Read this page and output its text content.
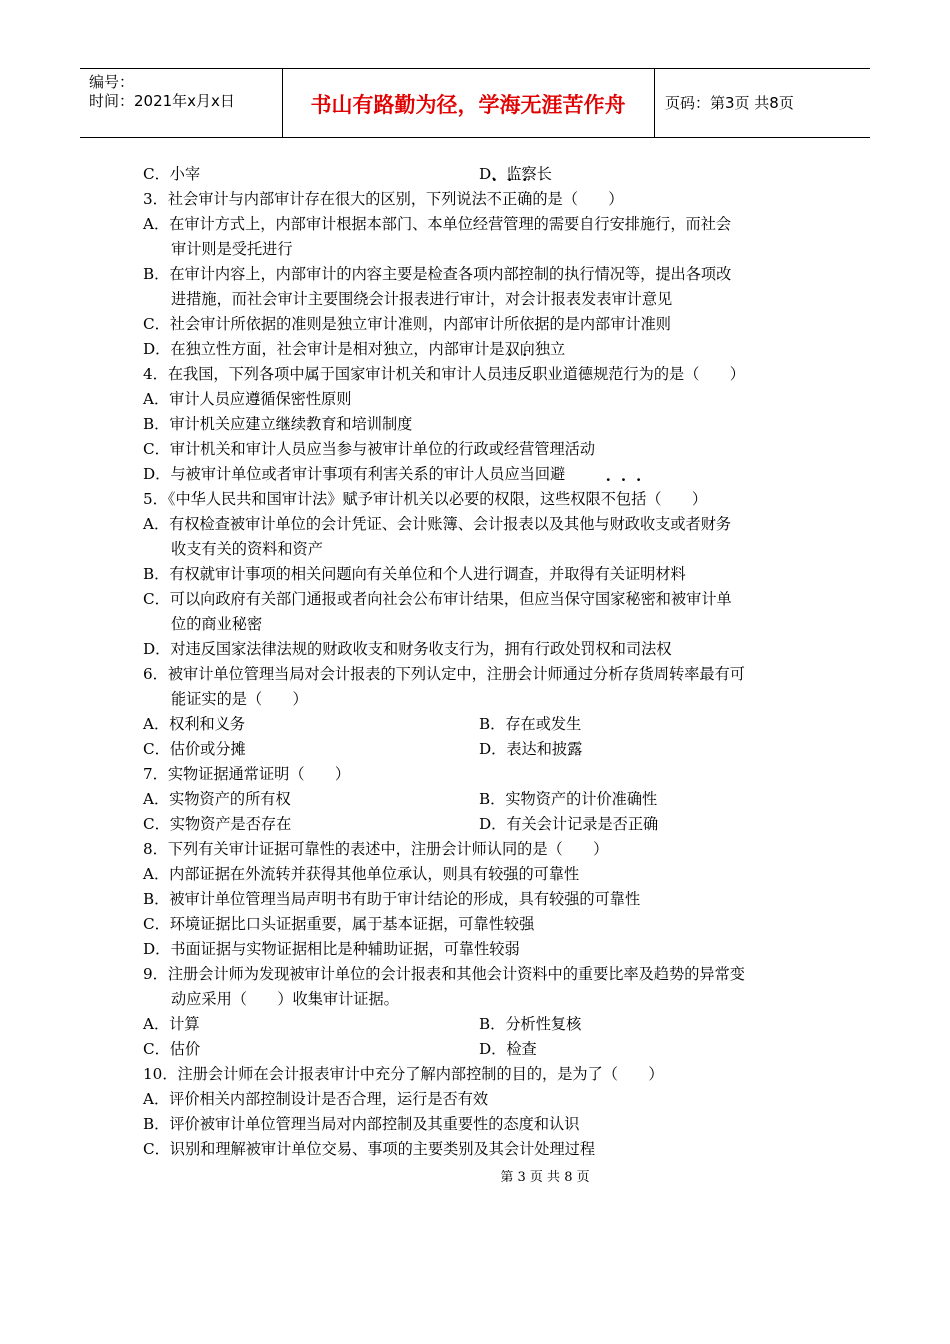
编号：
时间：2021年x月x日	书山有路勤为径，学海无涯苦作舟	页码：第3页 共8页
C．小宰	D．监察长
3．社会审计与内部审计存在很大的区别，下列说法不正确的是（　　）
A．在审计方式上，内部审计根据本部门、本单位经营管理的需要自行安排施行，而社会
审计则是受托进行
B．在审计内容上，内部审计的内容主要是检查各项内部控制的执行情况等，提出各项改
进措施，而社会审计主要围绕会计报表进行审计，对会计报表发表审计意见
C．社会审计所依据的准则是独立审计准则，内部审计所依据的是内部审计准则
D．在独立性方面，社会审计是相对独立，内部审计是双向独立
4．在我国，下列各项中属于国家审计机关和审计人员违反职业道德规范行为的是（　　）
A．审计人员应遵循保密性原则
B．审计机关应建立继续教育和培训制度
C．审计机关和审计人员应当参与被审计单位的行政或经营管理活动
D．与被审计单位或者审计事项有利害关系的审计人员应当回避
5．《中华人民共和国审计法》赋予审计机关以必要的权限，这些权限不包括（　　）
A．有权检查被审计单位的会计凭证、会计账簿、会计报表以及其他与财政收支或者财务
收支有关的资料和资产
B．有权就审计事项的相关问题向有关单位和个人进行调查，并取得有关证明材料
C．可以向政府有关部门通报或者向社会公布审计结果，但应当保守国家秘密和被审计单
位的商业秘密
D．对违反国家法律法规的财政收支和财务收支行为，拥有行政处罚权和司法权
6．被审计单位管理当局对会计报表的下列认定中，注册会计师通过分析存货周转率最有可
能证实的是（　　）
A．权利和义务	B．存在或发生
C．估价或分摊	D．表达和披露
7．实物证据通常证明（　　）
A．实物资产的所有权	B．实物资产的计价准确性
C．实物资产是否存在	D．有关会计记录是否正确
8．下列有关审计证据可靠性的表述中，注册会计师认同的是（　　）
A．内部证据在外流转并获得其他单位承认，则具有较强的可靠性
B．被审计单位管理当局声明书有助于审计结论的形成，具有较强的可靠性
C．环境证据比口头证据重要，属于基本证据，可靠性较强
D．书面证据与实物证据相比是种辅助证据，可靠性较弱
9．注册会计师为发现被审计单位的会计报表和其他会计资料中的重要比率及趋势的异常变
动应采用（　　）收集审计证据。
A．计算	B．分析性复核
C．估价	D．检查
10．注册会计师在会计报表审计中充分了解内部控制的目的，是为了（　　）
A．评价相关内部控制设计是否合理，运行是否有效
B．评价被审计单位管理当局对内部控制及其重要性的态度和认识
C．识别和理解被审计单位交易、事项的主要类别及其会计处理过程
第 3 页 共 8 页
